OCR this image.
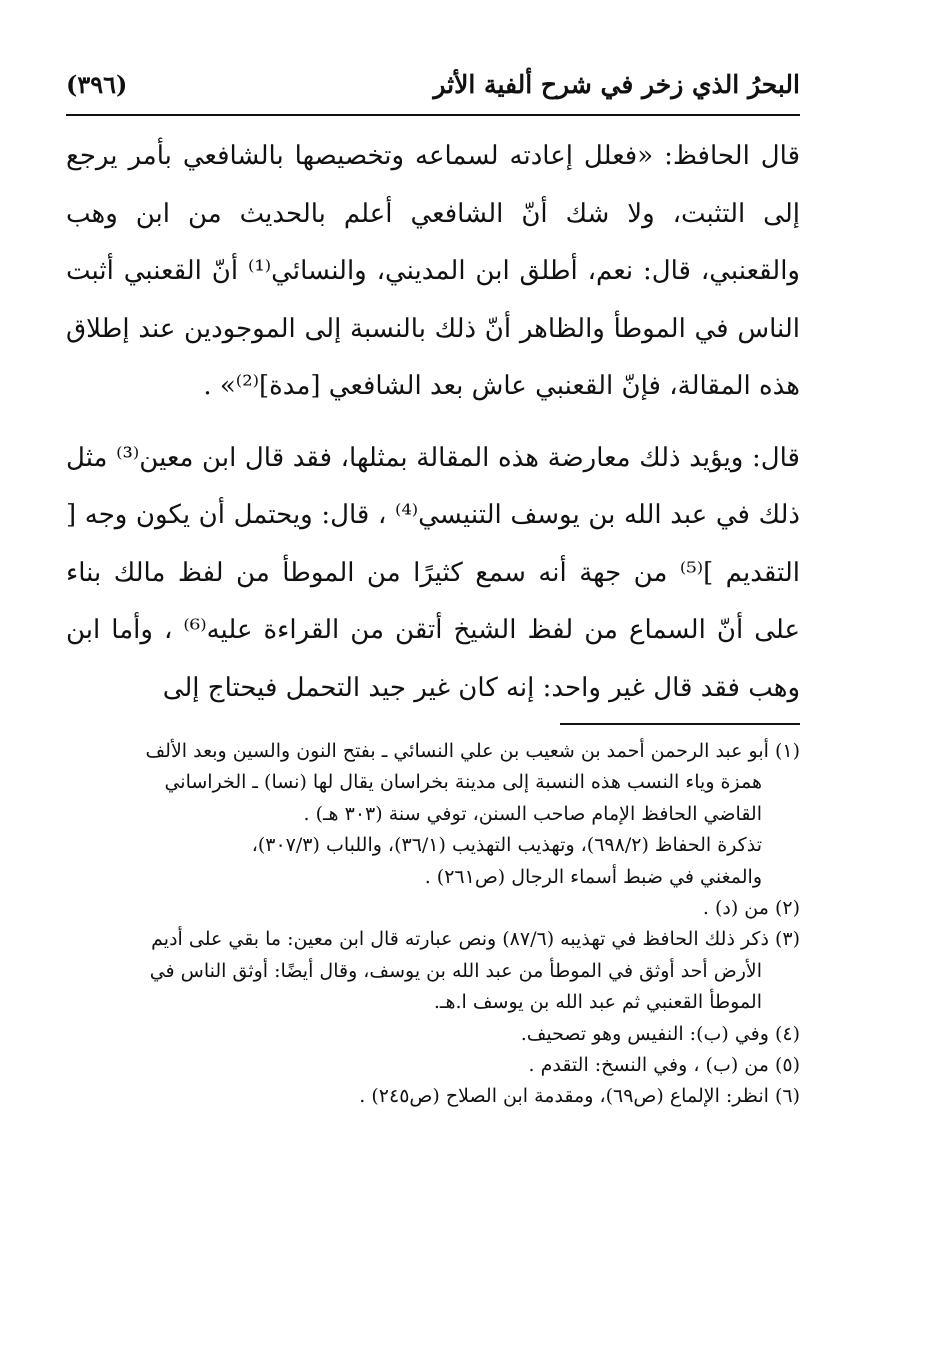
البحرُ الذي زخر في شرح ألفية الأثر
(٣٩٦)

قال الحافظ: «فعلل إعادته لسماعه وتخصيصها بالشافعي بأمر يرجع إلى التثبت، ولا شك أنّ الشافعي أعلم بالحديث من ابن وهب والقعنبي، قال: نعم، أطلق ابن المديني، والنسائي⁽¹⁾ أنّ القعنبي أثبت الناس في الموطأ والظاهر أنّ ذلك بالنسبة إلى الموجودين عند إطلاق هذه المقالة، فإنّ القعنبي عاش بعد الشافعي [مدة]⁽²⁾» .

قال: ويؤيد ذلك معارضة هذه المقالة بمثلها، فقد قال ابن معين⁽³⁾ مثل ذلك في عبد الله بن يوسف التنيسي⁽⁴⁾ ، قال: ويحتمل أن يكون وجه [ التقديم ]⁽⁵⁾ من جهة أنه سمع كثيرًا من الموطأ من لفظ مالك بناء على أنّ السماع من لفظ الشيخ أتقن من القراءة عليه⁽⁶⁾ ، وأما ابن وهب فقد قال غير واحد: إنه كان غير جيد التحمل فيحتاج إلى

(١)أبو عبد الرحمن أحمد بن شعيب بن علي النسائي ـ بفتح النون والسين وبعد الألف
همزة وياء النسب هذه النسبة إلى مدينة بخراسان يقال لها (نسا) ـ الخراساني
القاضي الحافظ الإمام صاحب السنن، توفي سنة (٣٠٣ هـ) .
تذكرة الحفاظ (٦٩٨/٢)، وتهذيب التهذيب (٣٦/١)، واللباب (٣٠٧/٣)،
والمغني في ضبط أسماء الرجال (ص٢٦١) .
(٢)من (د) .
(٣)ذكر ذلك الحافظ في تهذيبه (٨٧/٦) ونص عبارته قال ابن معين: ما بقي على أديم
الأرض أحد أوثق في الموطأ من عبد الله بن يوسف، وقال أيضًا: أوثق الناس في
الموطأ القعنبي ثم عبد الله بن يوسف ا.هـ.
(٤)وفي (ب): النفيس وهو تصحيف.
(٥)من (ب) ، وفي النسخ: التقدم .
(٦)انظر: الإلماع (ص٦٩)، ومقدمة ابن الصلاح (ص٢٤٥) .
